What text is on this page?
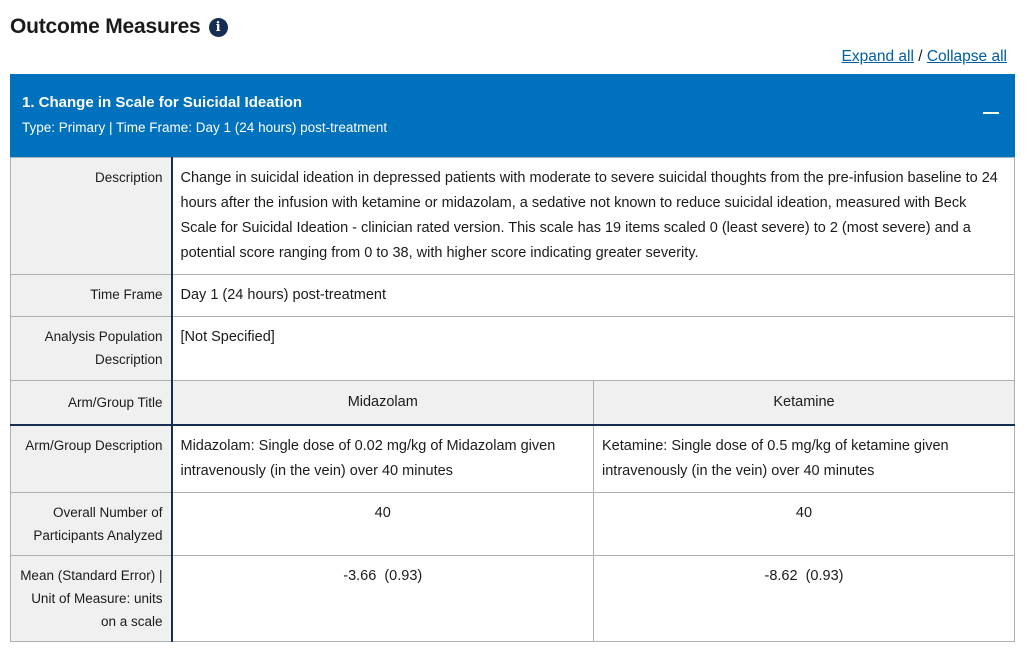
Outcome Measures	i
Expand all / Collapse all
1. Change in Scale for Suicidal Ideation
Type: Primary | Time Frame: Day 1 (24 hours) post-treatment
Description	Change in suicidal ideation in depressed patients with moderate to severe suicidal thoughts from the pre-infusion baseline to 24 hours after the infusion with ketamine or midazolam, a sedative not known to reduce suicidal ideation, measured with Beck Scale for Suicidal Ideation - clinician rated version. This scale has 19 items scaled 0 (least severe) to 2 (most severe) and a potential score ranging from 0 to 38, with higher score indicating greater severity.	
Time Frame	Day 1 (24 hours) post-treatment	
Analysis Population Description	[Not Specified]	
Arm/Group Title	Midazolam	Ketamine
Arm/Group Description	Midazolam: Single dose of 0.02 mg/kg of Midazolam given intravenously (in the vein) over 40 minutes	Ketamine: Single dose of 0.5 mg/kg of ketamine given intravenously (in the vein) over 40 minutes
Overall Number of Participants Analyzed	40	40
Mean (Standard Error) | Unit of Measure: units on a scale	-3.66  (0.93)	-8.62  (0.93)
